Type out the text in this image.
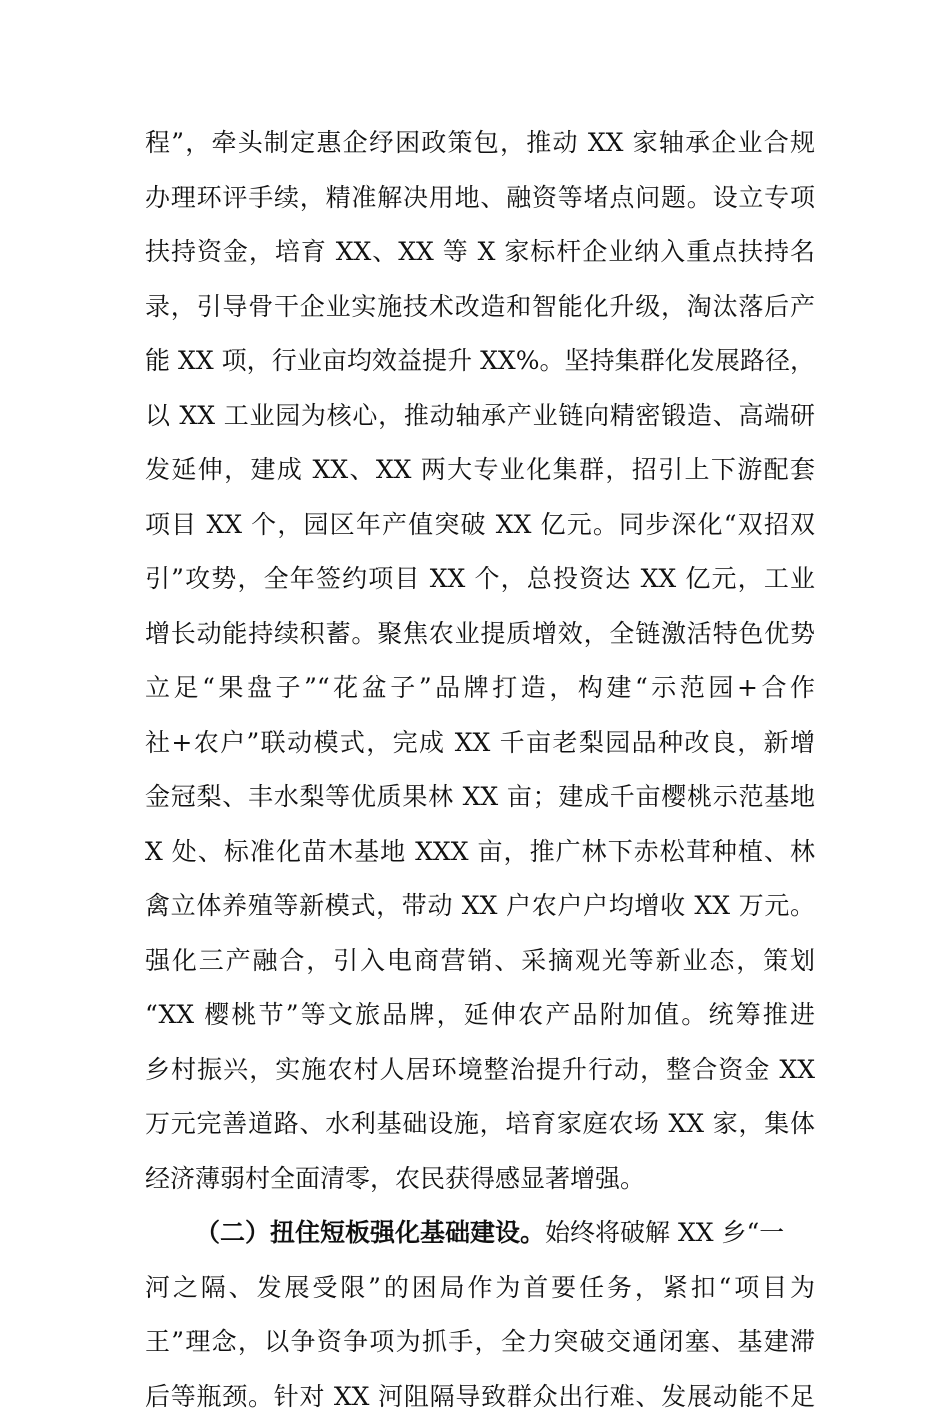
程”，牵头制定惠企纾困政策包，推动 XX 家轴承企业合规
办理环评手续，精准解决用地、融资等堵点问题。设立专项
扶持资金，培育 XX、XX 等 X 家标杆企业纳入重点扶持名
录，引导骨干企业实施技术改造和智能化升级，淘汰落后产
能 XX 项，行业亩均效益提升 XX%。坚持集群化发展路径，
以 XX 工业园为核心，推动轴承产业链向精密锻造、高端研
发延伸，建成 XX、XX 两大专业化集群，招引上下游配套
项目 XX 个，园区年产值突破 XX 亿元。同步深化“双招双
引”攻势，全年签约项目 XX 个，总投资达 XX 亿元，工业
增长动能持续积蓄。聚焦农业提质增效，全链激活特色优势
立足“果盘子”“花盆子”品牌打造，构建“示范园+合作
社+农户”联动模式，完成 XX 千亩老梨园品种改良，新增
金冠梨、丰水梨等优质果林 XX 亩；建成千亩樱桃示范基地
X 处、标准化苗木基地 XXX 亩，推广林下赤松茸种植、林
禽立体养殖等新模式，带动 XX 户农户户均增收 XX 万元。
强化三产融合，引入电商营销、采摘观光等新业态，策划
“XX 樱桃节”等文旅品牌，延伸农产品附加值。统筹推进
乡村振兴，实施农村人居环境整治提升行动，整合资金 XX
万元完善道路、水利基础设施，培育家庭农场 XX 家，集体
经济薄弱村全面清零，农民获得感显著增强。
（二）扭住短板强化基础建设。始终将破解 XX 乡“一
河之隔、发展受限”的困局作为首要任务，紧扣“项目为
王”理念，以争资争项为抓手，全力突破交通闭塞、基建滞
后等瓶颈。针对 XX 河阻隔导致群众出行难、发展动能不足
